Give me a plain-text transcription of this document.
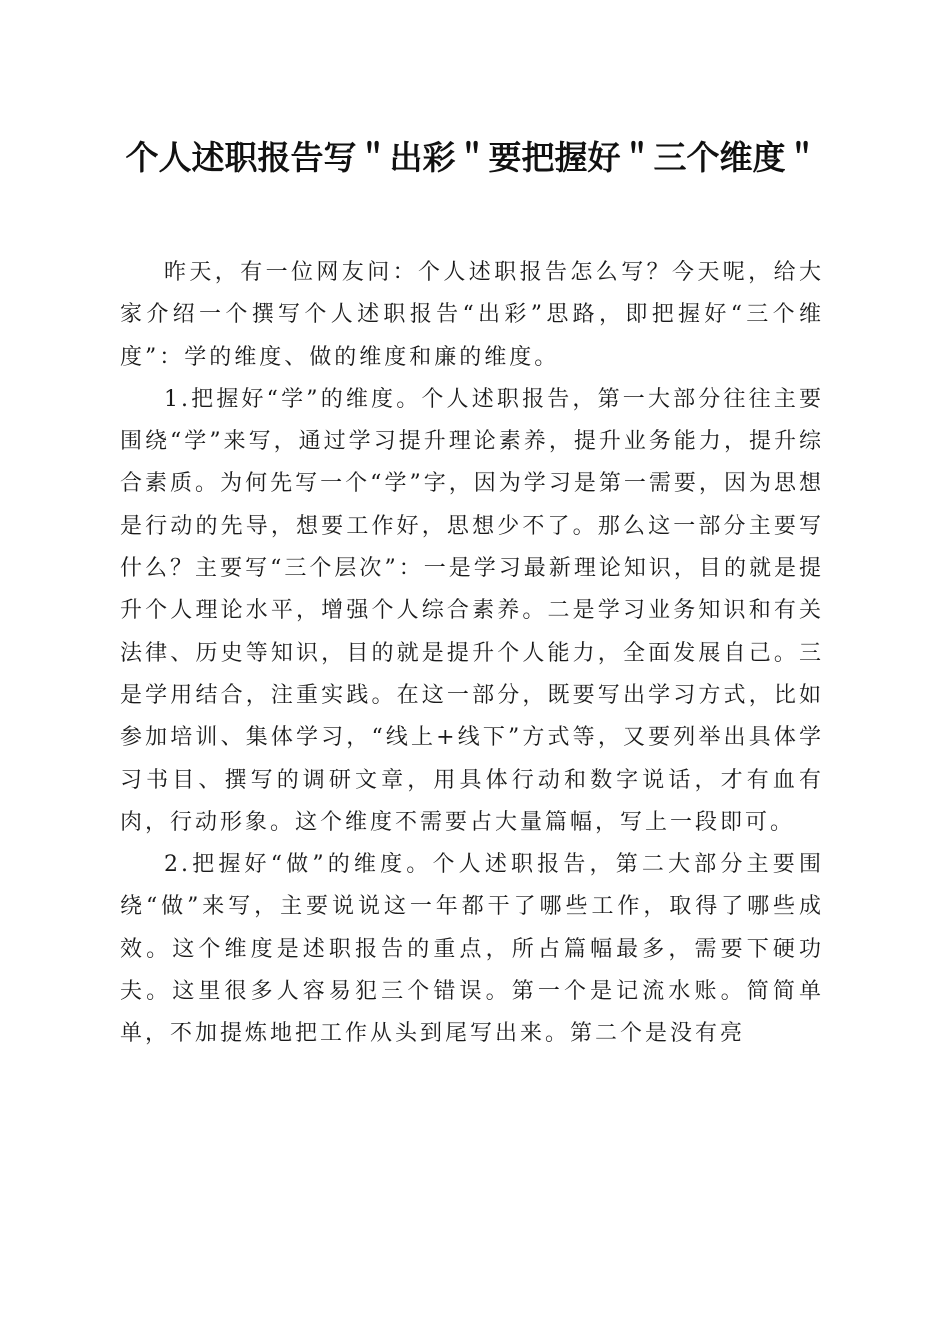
个人述职报告写＂出彩＂要把握好＂三个维度＂

昨天，有一位网友问：个人述职报告怎么写？今天呢，给大家介绍一个撰写个人述职报告“出彩”思路，即把握好“三个维度”：学的维度、做的维度和廉的维度。

1.把握好“学”的维度。个人述职报告，第一大部分往往主要围绕“学”来写，通过学习提升理论素养，提升业务能力，提升综合素质。为何先写一个“学”字，因为学习是第一需要，因为思想是行动的先导，想要工作好，思想少不了。那么这一部分主要写什么？主要写“三个层次”：一是学习最新理论知识，目的就是提升个人理论水平，增强个人综合素养。二是学习业务知识和有关法律、历史等知识，目的就是提升个人能力，全面发展自己。三是学用结合，注重实践。在这一部分，既要写出学习方式，比如参加培训、集体学习，“线上+线下”方式等，又要列举出具体学习书目、撰写的调研文章，用具体行动和数字说话，才有血有肉，行动形象。这个维度不需要占大量篇幅，写上一段即可。

2.把握好“做”的维度。个人述职报告，第二大部分主要围绕“做”来写，主要说说这一年都干了哪些工作，取得了哪些成效。这个维度是述职报告的重点，所占篇幅最多，需要下硬功夫。这里很多人容易犯三个错误。第一个是记流水账。简简单单，不加提炼地把工作从头到尾写出来。第二个是没有亮
